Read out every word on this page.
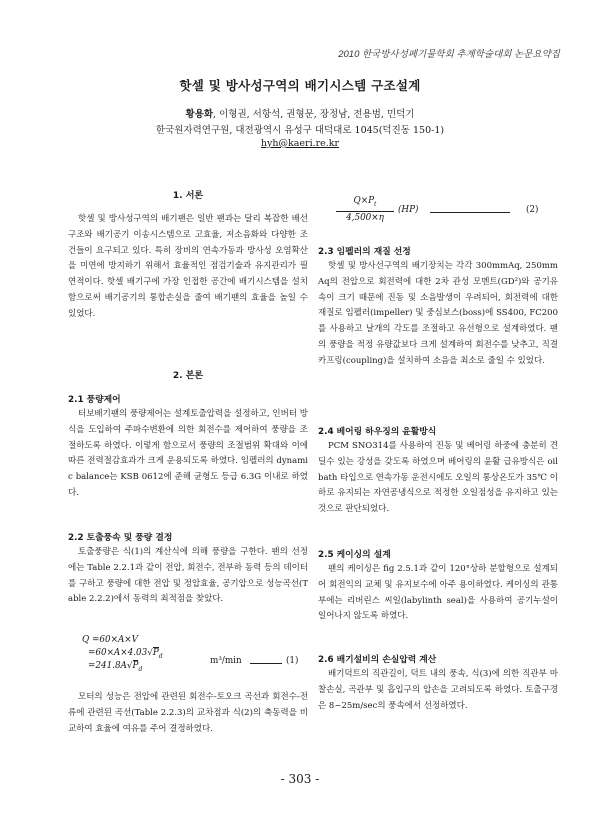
2010 한국방사성폐기물학회 추계학술대회 논문요약집
핫셀 및 방사성구역의 배기시스템 구조설계
황용화, 이형권, 서항석, 권형문, 장정남, 전용범, 민덕기
한국원자력연구원, 대전광역시 유성구 대덕대로 1045(덕진동 150-1)
hyh@kaeri.re.kr
1. 서론
핫셀 및 방사성구역의 배기팬은 일반 팬과는 달리 복잡한 배선구조와 배기공기 이송시스템으로 고효율, 저소음화와 다양한 조건들이 요구되고 있다. 특히 장비의 연속가동과 방사성 오염확산을 미연에 방지하기 위해서 효율적인 점검기술과 유지관리가 필연적이다. 핫셀 배기구에 가장 인접한 공간에 배기시스템을 설치함으로써 배기공기의 통합손실을 줄여 배기팬의 효율을 높일 수 있었다.
2. 본론
2.1 풍량제어
터보배기팬의 풍량제어는 설계토출압력을 설정하고, 인버터 방식을 도입하여 주파수변환에 의한 회전수를 제어하여 풍량을 조절하도록 하였다. 이렇게 함으로서 풍량의 조절범위 확대와 이에 따른 전력절감효과가 크게 운용되도록 하였다. 임펠러의 dynamic balance는 KSB 0612에 준해 균형도 등급 6.3G 이내로 하였다.
2.2 토출풍속 및 풍량 결정
토출풍량은 식(1)의 계산식에 의해 풍량을 구한다. 팬의 선정에는 Table 2.2.1과 같이 전압, 회전수, 전부하 동력 등의 데이터를 구하고 풍량에 대한 전압 및 정압효율, 공기압으로 성능곡선(Table 2.2.2)에서 동력의 최적점을 찾았다.
Q =60×A×V
$=60\times A\times 4.03√P_d$
$=241.8A√P_d$
m³/min	(1)
모터의 성능은 전압에 관련된 회전수-토오크 곡선과 회전수-전류에 관련된 곡선(Table 2.2.3)의 교차점과 식(2)의 축동력을 비교하여 효율에 여유를 주어 결정하였다.
$Q\times P_t$
4,500×η
(HP)	(2)
2.3 임펠러의 재질 선정
핫셀 및 방사선구역의 배기장치는 각각 300mmAq, 250mmAq의 전압으로 회전력에 대한 2차 관성 모멘트(GD²)와 공기유속이 크기 때문에 진동 및 소음발생이 우려되어, 회전력에 대한 재질로 임펠러(impeller) 및 중심보스(boss)에 SS400, FC200를 사용하고 날개의 각도를 조절하고 유선형으로 설계하였다. 팬의 풍량을 적정 유량값보다 크게 설계하여 회전수를 낮추고, 직결 카프링(coupling)을 설치하여 소음을 최소로 줄일 수 있었다.
2.4 베어링 하우징의 윤활방식
PCM SNO314를 사용하여 진동 및 베어링 하중에 충분히 견딜수 있는 강성을 갖도록 하였으며 베어링의 윤활 급유방식은 oil bath 타입으로 연속가동 운전시에도 오일의 통상온도가 35℃ 이하로 유지되는 자연공냉식으로 적정한 오일점성을 유지하고 있는 것으로 판단되었다.
2.5 케이싱의 설계
팬의 케이싱은 fig 2.5.1과 같이 120°상하 분할형으로 설계되어 회전익의 교체 및 유지보수에 아주 용이하였다. 케이싱의 관통부에는 리버린스 씨일(labylinth seal)을 사용하여 공기누설이 일어나지 않도록 하였다.
2.6 배기설비의 손실압력 계산
배기덕트의 직관길이, 덕트 내의 풍속, 식(3)에 의한 직관부 마찰손실, 곡관부 및 흡입구의 압손을 고려되도록 하였다. 토출구경은 8~25m/sec의 풍속에서 선정하였다.
- 303 -
